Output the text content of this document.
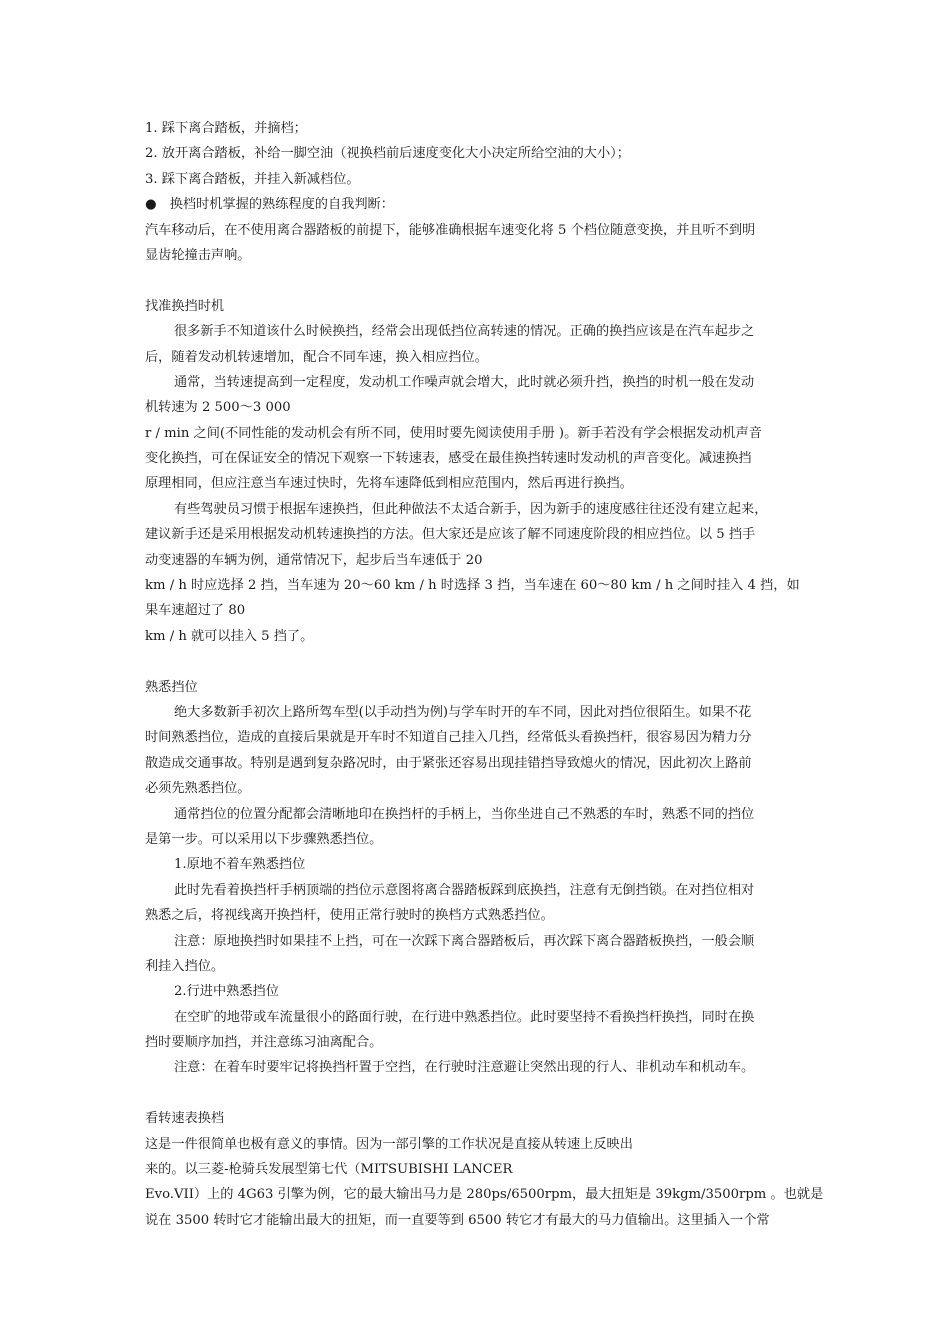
1. 踩下离合踏板，并摘档；
2. 放开离合踏板，补给一脚空油（视换档前后速度变化大小决定所给空油的大小）；
3. 踩下离合踏板，并挂入新减档位。
●　换档时机掌握的熟练程度的自我判断：
汽车移动后，在不使用离合器踏板的前提下，能够准确根据车速变化将 5 个档位随意变换，并且听不到明
显齿轮撞击声响。
找准换挡时机
很多新手不知道该什么时候换挡，经常会出现低挡位高转速的情况。正确的换挡应该是在汽车起步之
后，随着发动机转速增加，配合不同车速，换入相应挡位。
通常，当转速提高到一定程度，发动机工作噪声就会增大，此时就必须升挡，换挡的时机一般在发动
机转速为 2 500～3 000
r / min 之间(不同性能的发动机会有所不同，使用时要先阅读使用手册 )。新手若没有学会根据发动机声音
变化换挡，可在保证安全的情况下观察一下转速表，感受在最佳换挡转速时发动机的声音变化。减速换挡
原理相同，但应注意当车速过快时，先将车速降低到相应范围内，然后再进行换挡。
有些驾驶员习惯于根据车速换挡，但此种做法不太适合新手，因为新手的速度感往往还没有建立起来，
建议新手还是采用根据发动机转速换挡的方法。但大家还是应该了解不同速度阶段的相应挡位。以 5 挡手
动变速器的车辆为例，通常情况下，起步后当车速低于 20
km / h 时应选择 2 挡，当车速为 20～60 km / h 时选择 3 挡，当车速在 60～80 km / h 之间时挂入 4 挡，如
果车速超过了 80
km / h 就可以挂入 5 挡了。
熟悉挡位
绝大多数新手初次上路所驾车型(以手动挡为例)与学车时开的车不同，因此对挡位很陌生。如果不花
时间熟悉挡位，造成的直接后果就是开车时不知道自己挂入几挡，经常低头看换挡杆，很容易因为精力分
散造成交通事故。特别是遇到复杂路况时，由于紧张还容易出现挂错挡导致熄火的情况，因此初次上路前
必须先熟悉挡位。
通常挡位的位置分配都会清晰地印在换挡杆的手柄上，当你坐进自己不熟悉的车时，熟悉不同的挡位
是第一步。可以采用以下步骤熟悉挡位。
1.原地不着车熟悉挡位
此时先看着换挡杆手柄顶端的挡位示意图将离合器踏板踩到底换挡，注意有无倒挡锁。在对挡位相对
熟悉之后，将视线离开换挡杆，使用正常行驶时的换档方式熟悉挡位。
注意：原地换挡时如果挂不上挡，可在一次踩下离合器踏板后，再次踩下离合器踏板换挡，一般会顺
利挂入挡位。
2.行进中熟悉挡位
在空旷的地带或车流量很小的路面行驶，在行进中熟悉挡位。此时要坚持不看换挡杆换挡，同时在换
挡时要顺序加挡，并注意练习油离配合。
注意：在着车时要牢记将换挡杆置于空挡，在行驶时注意避让突然出现的行人、非机动车和机动车。
看转速表换档
这是一件很简单也极有意义的事情。因为一部引擎的工作状况是直接从转速上反映出
来的。以三菱-枪骑兵发展型第七代（MITSUBISHI LANCER
Evo.VII）上的 4G63 引擎为例，它的最大输出马力是 280ps/6500rpm，最大扭矩是 39kgm/3500rpm 。也就是
说在 3500 转时它才能输出最大的扭矩，而一直要等到 6500 转它才有最大的马力值输出。这里插入一个常
